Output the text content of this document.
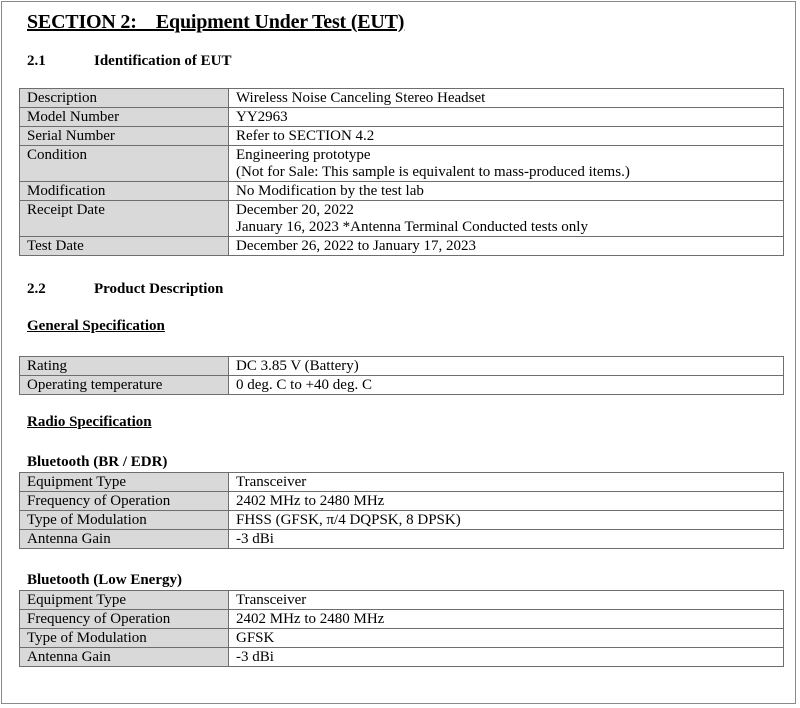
SECTION 2:    Equipment Under Test (EUT)
2.1	Identification of EUT
Description	Wireless Noise Canceling Stereo Headset

Model Number	YY2963

Serial Number	Refer to SECTION 4.2

Condition	Engineering prototype
(Not for Sale: This sample is equivalent to mass-produced items.)

Modification	No Modification by the test lab

Receipt Date	December 20, 2022
January 16, 2023 *Antenna Terminal Conducted tests only

Test Date	December 26, 2022 to January 17, 2023
2.2	Product Description
General Specification
Rating	DC 3.85 V (Battery)
Operating temperature	0 deg. C to +40 deg. C
Radio Specification
Bluetooth (BR / EDR)
Equipment Type	Transceiver
Frequency of Operation	2402 MHz to 2480 MHz
Type of Modulation	FHSS (GFSK, π/4 DQPSK, 8 DPSK)
Antenna Gain	-3 dBi
Bluetooth (Low Energy)
Equipment Type	Transceiver
Frequency of Operation	2402 MHz to 2480 MHz
Type of Modulation	GFSK
Antenna Gain	-3 dBi
